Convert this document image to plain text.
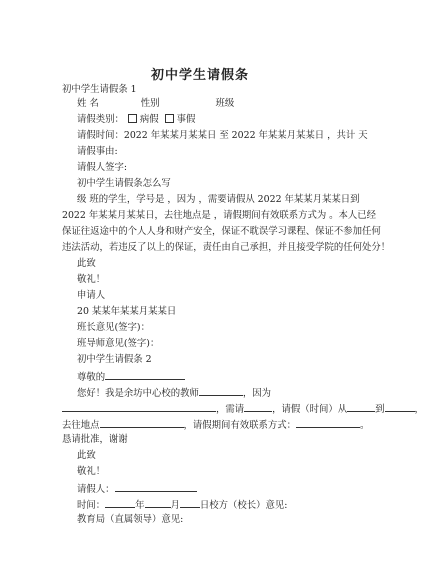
初中学生请假条
初中学生请假条 1
姓 名	性别	班级
请假类别： 病假 事假
请假时间：2022 年某某月某某日 至 2022 年某某月某某日 ，共计 天
请假事由:
请假人签字:
初中学生请假条怎么写
级 班的学生，学号是 ，因为 ，需要请假从 2022 年某某月某某日到
2022 年某某月某某日，去往地点是 ，请假期间有效联系方式为 。本人已经
保证往返途中的个人人身和财产安全，保证不耽误学习课程、保证不参加任何
违法活动，若违反了以上的保证，责任由自己承担，并且接受学院的任何处分！
此致
敬礼！
申请人
20 某某年某某月某某日
班长意见(签字)：
班导师意见(签字)：
初中学生请假条 2
尊敬的
您好！我是余坊中心校的教师	，因为
，需请	，请假（时间）从	到	，
去往地点	，请假期间有效联系方式：	。
恳请批准，谢谢
此致
敬礼！
请假人：
时间：	年	月 日校方（校长）意见:
教育局（直属领导）意见:
